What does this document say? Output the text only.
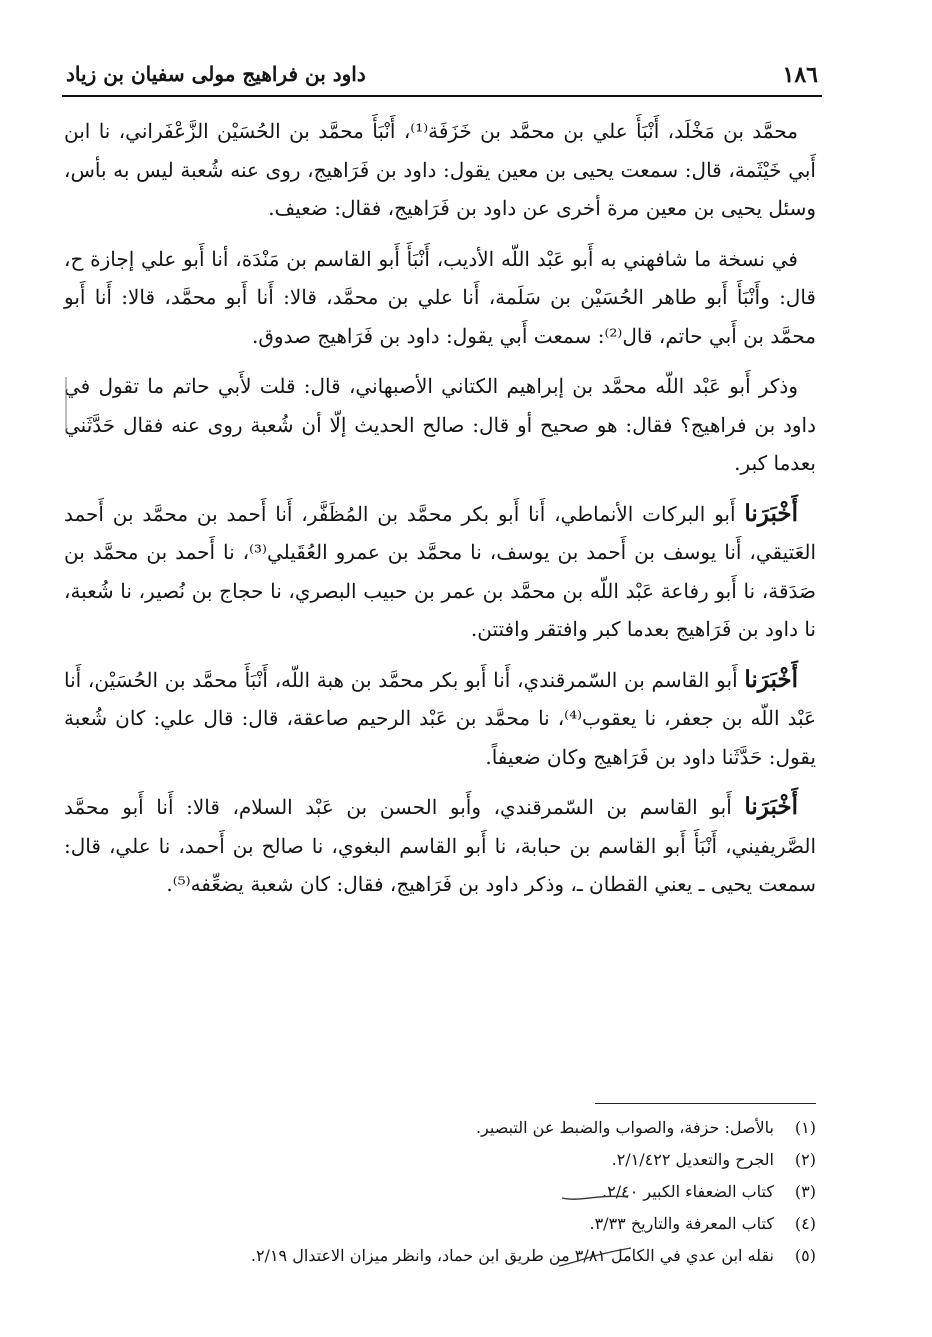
١٨٦
داود بن فراهيج مولى سفيان بن زياد

محمَّد بن مَخْلَد، أَنْبَأَ علي بن محمَّد بن خَزَفَة⁽¹⁾، أَنْبَأَ محمَّد بن الحُسَيْن الزَّعْفَراني، نا ابن أَبي خَيْثَمة، قال: سمعت يحيى بن معين يقول: داود بن فَرَاهيج، روى عنه شُعبة ليس به بأس، وسئل يحيى بن معين مرة أخرى عن داود بن فَرَاهيج، فقال: ضعيف.

في نسخة ما شافهني به أَبو عَبْد اللّه الأديب، أَنْبَأَ أَبو القاسم بن مَنْدَة، أنا أَبو علي إجازة ح، قال: وأَنْبَأَ أَبو طاهر الحُسَيْن بن سَلَمة، أَنا علي بن محمَّد، قالا: أَنا أَبو محمَّد، قالا: أَنا أَبو محمَّد بن أَبي حاتم، قال⁽²⁾: سمعت أَبي يقول: داود بن فَرَاهيج صدوق.

وذكر أَبو عَبْد اللّه محمَّد بن إبراهيم الكتاني الأصبهاني، قال: قلت لأَبي حاتم ما تقول في داود بن فراهيج؟ فقال: هو صحيح أو قال: صالح الحديث إلّا أن شُعبة روى عنه فقال حَدَّثَني بعدما كبر.

أَخْبَرَنا أَبو البركات الأنماطي، أَنا أَبو بكر محمَّد بن المُظَفَّر، أَنا أَحمد بن محمَّد بن أَحمد العَتيقي، أَنا يوسف بن أَحمد بن يوسف، نا محمَّد بن عمرو العُقَيلي⁽³⁾، نا أَحمد بن محمَّد بن صَدَقة، نا أَبو رفاعة عَبْد اللّه بن محمَّد بن عمر بن حبيب البصري، نا حجاج بن نُصير، نا شُعبة، نا داود بن فَرَاهيج بعدما كبر وافتقر وافتتن.

أَخْبَرَنا أَبو القاسم بن السّمرقندي، أَنا أَبو بكر محمَّد بن هبة اللّه، أَنْبَأَ محمَّد بن الحُسَيْن، أَنا عَبْد اللّه بن جعفر، نا يعقوب⁽⁴⁾، نا محمَّد بن عَبْد الرحيم صاعقة، قال: قال علي: كان شُعبة يقول: حَدَّثَنا داود بن فَرَاهيج وكان ضعيفاً.

أَخْبَرَنا أَبو القاسم بن السّمرقندي، وأَبو الحسن بن عَبْد السلام، قالا: أَنا أَبو محمَّد الصَّريفيني، أَنْبَأَ أَبو القاسم بن حبابة، نا أَبو القاسم البغوي، نا صالح بن أَحمد، نا علي، قال: سمعت يحيى ـ يعني القطان ـ، وذكر داود بن فَرَاهيج، فقال: كان شعبة يضعِّفه⁽⁵⁾.

(١)بالأصل: حزفة، والصواب والضبط عن التبصير.
(٢)الجرح والتعديل ٢/١/٤٢٢.
(٣)كتاب الضعفاء الكبير ٢/٤٠.
(٤)كتاب المعرفة والتاريخ ٣/٣٣.
(٥)نقله ابن عدي في الكامل ٣/٨١ من طريق ابن حماد، وانظر ميزان الاعتدال ٢/١٩.
